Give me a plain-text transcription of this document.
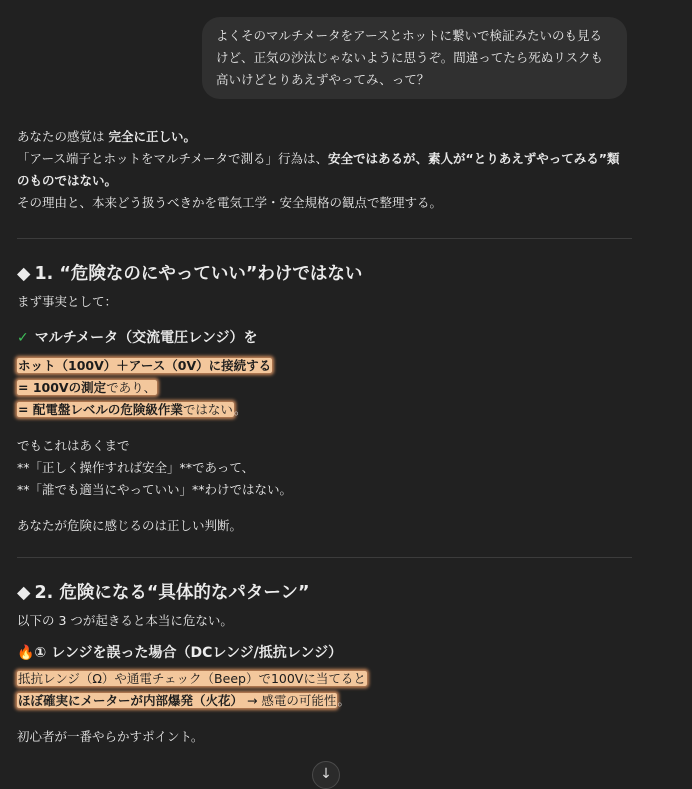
よくそのマルチメータをアースとホットに繋いで検証みたいのも見る

けど、正気の沙汰じゃないように思うぞ。間違ってたら死ぬリスクも

高いけどとりあえずやってみ、って？

あなたの感覚は 完全に正しい。

「アース端子とホットをマルチメータで測る」行為は、安全ではあるが、素人が“とりあえずやってみる”類

のものではない。

その理由と、本来どう扱うべきかを電気工学・安全規格の観点で整理する。

◆ 1. “危険なのにやっていい”わけではない

まず事実として：

✓ マルチメータ（交流電圧レンジ）を
ホット（100V）＋アース（0V）に接続する
= 100Vの測定であり、
= 配電盤レベルの危険級作業ではない。

でもこれはあくまで

**「正しく操作すれば安全」**であって、

**「誰でも適当にやっていい」**わけではない。

あなたが危険に感じるのは正しい判断。

◆ 2. 危険になる“具体的なパターン”

以下の 3 つが起きると本当に危ない。

🔥① レンジを誤った場合（DCレンジ/抵抗レンジ）
抵抗レンジ（Ω）や通電チェック（Beep）で100Vに当てると
ほぼ確実にメーターが内部爆発（火花） → 感電の可能性。

初心者が一番やらかすポイント。

↓
